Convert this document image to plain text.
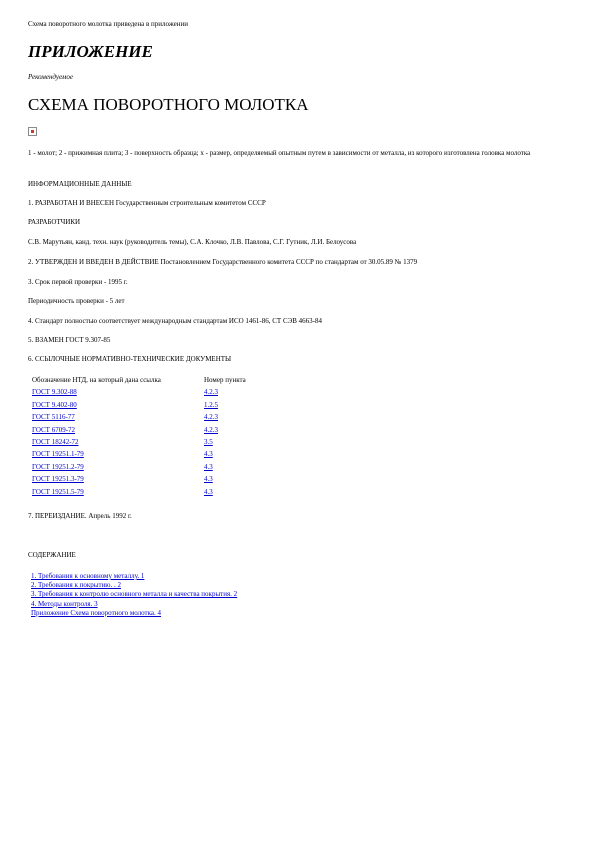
Схема поворотного молотка приведена в приложении
ПРИЛОЖЕНИЕ
Рекомендуемое
СХЕМА ПОВОРОТНОГО МОЛОТКА
1 - молот; 2 - прижимная плита; 3 - поверхность образца; х - размер, определяемый опытным путем в зависимости от металла, из которого изготовлена головка молотка
ИНФОРМАЦИОННЫЕ ДАННЫЕ
1. РАЗРАБОТАН И ВНЕСЕН Государственным строительным комитетом СССР
РАЗРАБОТЧИКИ
С.В. Марутьян, канд. техн. наук (руководитель темы), С.А. Клочко, Л.В. Павлова, С.Г. Гутник, Л.И. Белоусова
2. УТВЕРЖДЕН И ВВЕДЕН В ДЕЙСТВИЕ Постановлением Государственного комитета СССР по стандартам от 30.05.89 № 1379
3. Срок первой проверки - 1995 г.
Периодичность проверки - 5 лет
4. Стандарт полностью соответствует международным стандартам ИСО 1461-86, СТ СЭВ 4663-84
5. ВЗАМЕН ГОСТ 9.307-85
6. ССЫЛОЧНЫЕ НОРМАТИВНО-ТЕХНИЧЕСКИЕ ДОКУМЕНТЫ
Обозначение НТД, на который дана ссылка	Номер пункта
ГОСТ 9.302-88	4.2.3
ГОСТ 9.402-80	1.2.5
ГОСТ 5116-77	4.2.3
ГОСТ 6709-72	4.2.3
ГОСТ 18242-72	3.5
ГОСТ 19251.1-79	4.3
ГОСТ 19251.2-79	4.3
ГОСТ 19251.3-79	4.3
ГОСТ 19251.5-79	4.3
7. ПЕРЕИЗДАНИЕ. Апрель 1992 г.
СОДЕРЖАНИЕ
1. Требования к основному металлу. 1
2. Требования к покрытию. . 2
3. Требования к контролю основного металла и качества покрытия. 2
4. Методы контроля. 3
Приложение Схема поворотного молотка. 4
